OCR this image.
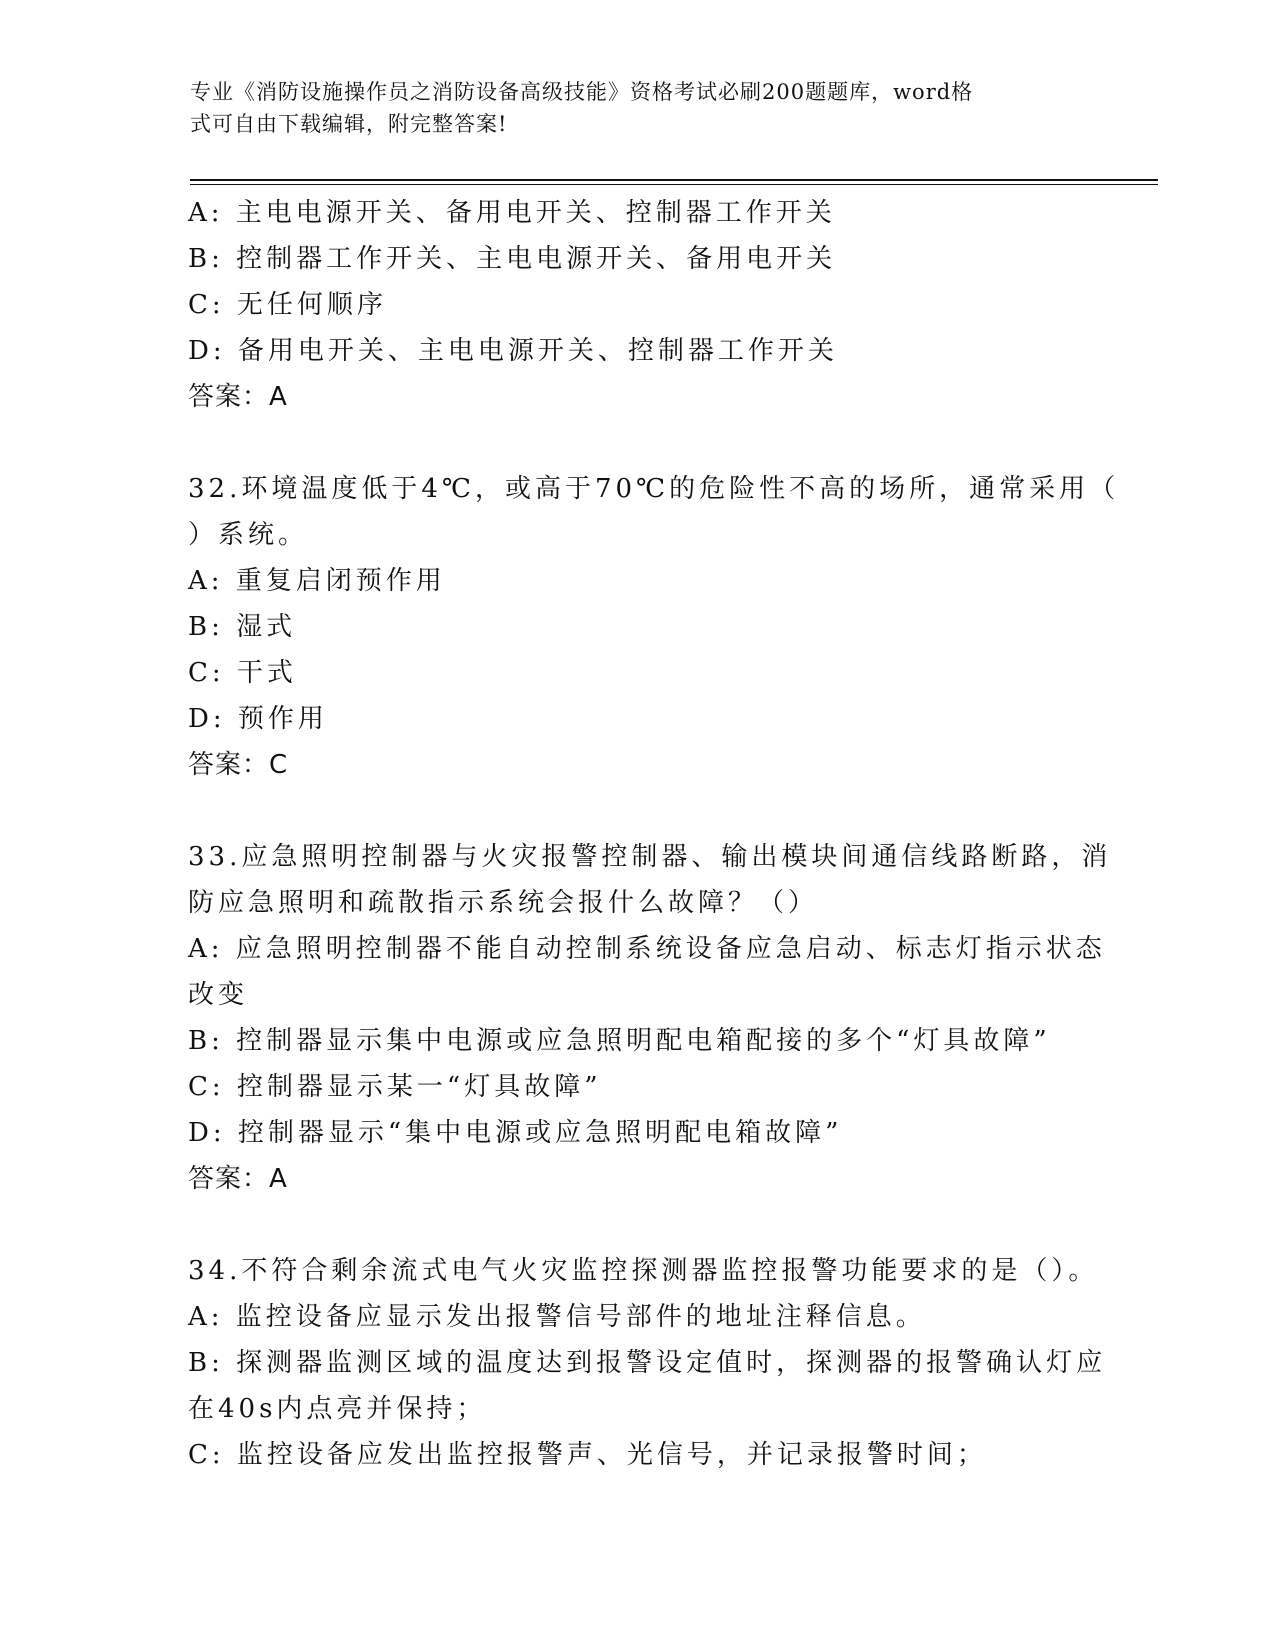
专业《消防设施操作员之消防设备高级技能》资格考试必刷200题题库，word格
式可自由下载编辑，附完整答案!
A: 主电电源开关、备用电开关、控制器工作开关
B: 控制器工作开关、主电电源开关、备用电开关
C: 无任何顺序
D: 备用电开关、主电电源开关、控制器工作开关
答案：A
32.环境温度低于4℃，或高于70℃的危险性不高的场所，通常采用（
）系统。
A: 重复启闭预作用
B: 湿式
C: 干式
D: 预作用
答案：C
33.应急照明控制器与火灾报警控制器、输出模块间通信线路断路，消
防应急照明和疏散指示系统会报什么故障？（）
A: 应急照明控制器不能自动控制系统设备应急启动、标志灯指示状态
改变
B: 控制器显示集中电源或应急照明配电箱配接的多个“灯具故障”
C: 控制器显示某一“灯具故障”
D: 控制器显示“集中电源或应急照明配电箱故障”
答案：A
34.不符合剩余流式电气火灾监控探测器监控报警功能要求的是（）。
A: 监控设备应显示发出报警信号部件的地址注释信息。
B: 探测器监测区域的温度达到报警设定值时，探测器的报警确认灯应
在40s内点亮并保持；
C: 监控设备应发出监控报警声、光信号，并记录报警时间；
